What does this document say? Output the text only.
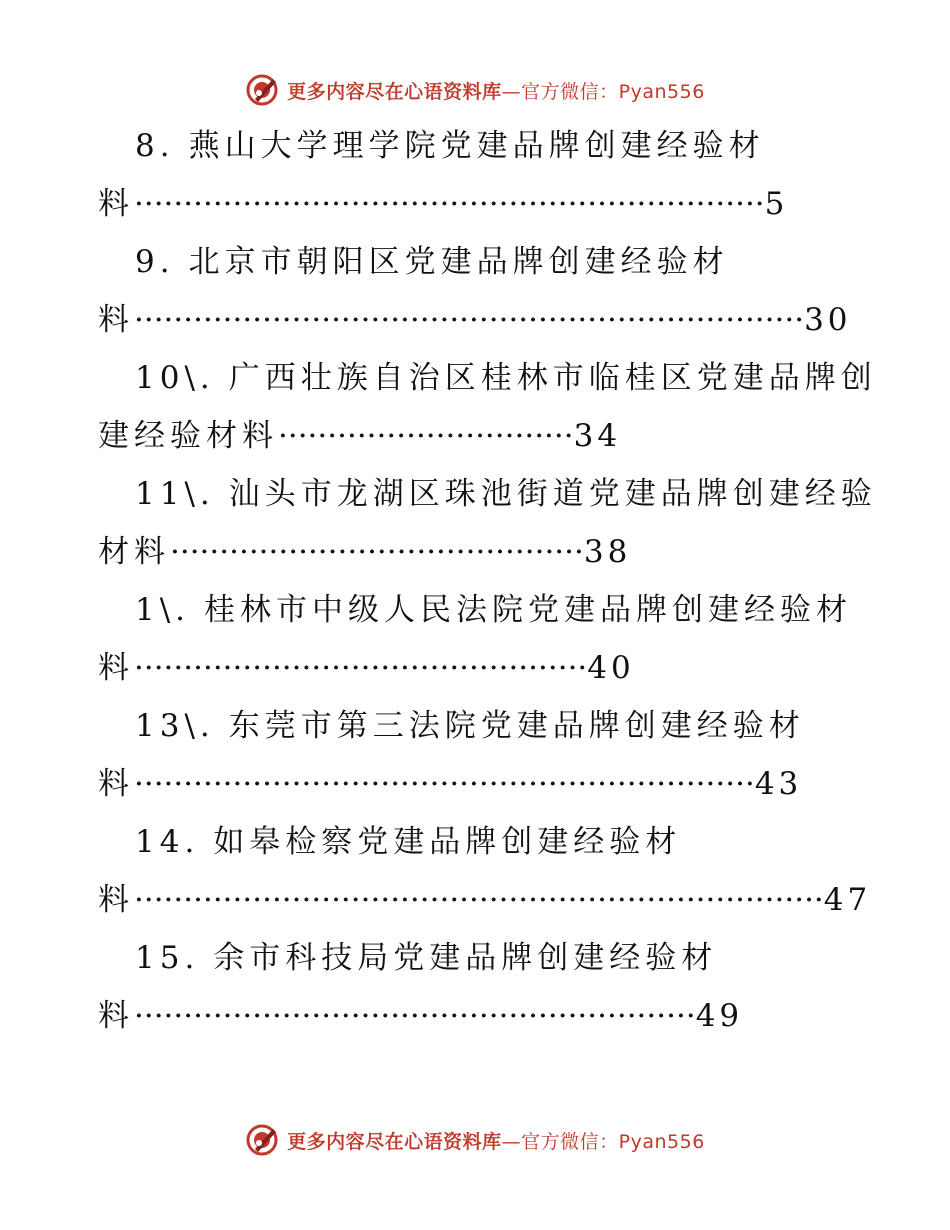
更多内容尽在心语资料库—官方微信：Pyan556
8. 燕山大学理学院党建品牌创建经验材
料································································5
9. 北京市朝阳区党建品牌创建经验材
料····································································30
10\. 广西壮族自治区桂林市临桂区党建品牌创
建经验材料······························34
11\. 汕头市龙湖区珠池街道党建品牌创建经验
材料··········································38
1\. 桂林市中级人民法院党建品牌创建经验材
料··············································40
13\. 东莞市第三法院党建品牌创建经验材
料·······························································43
14. 如皋检察党建品牌创建经验材
料······································································47
15. 余市科技局党建品牌创建经验材
料·························································49
更多内容尽在心语资料库—官方微信：Pyan556
